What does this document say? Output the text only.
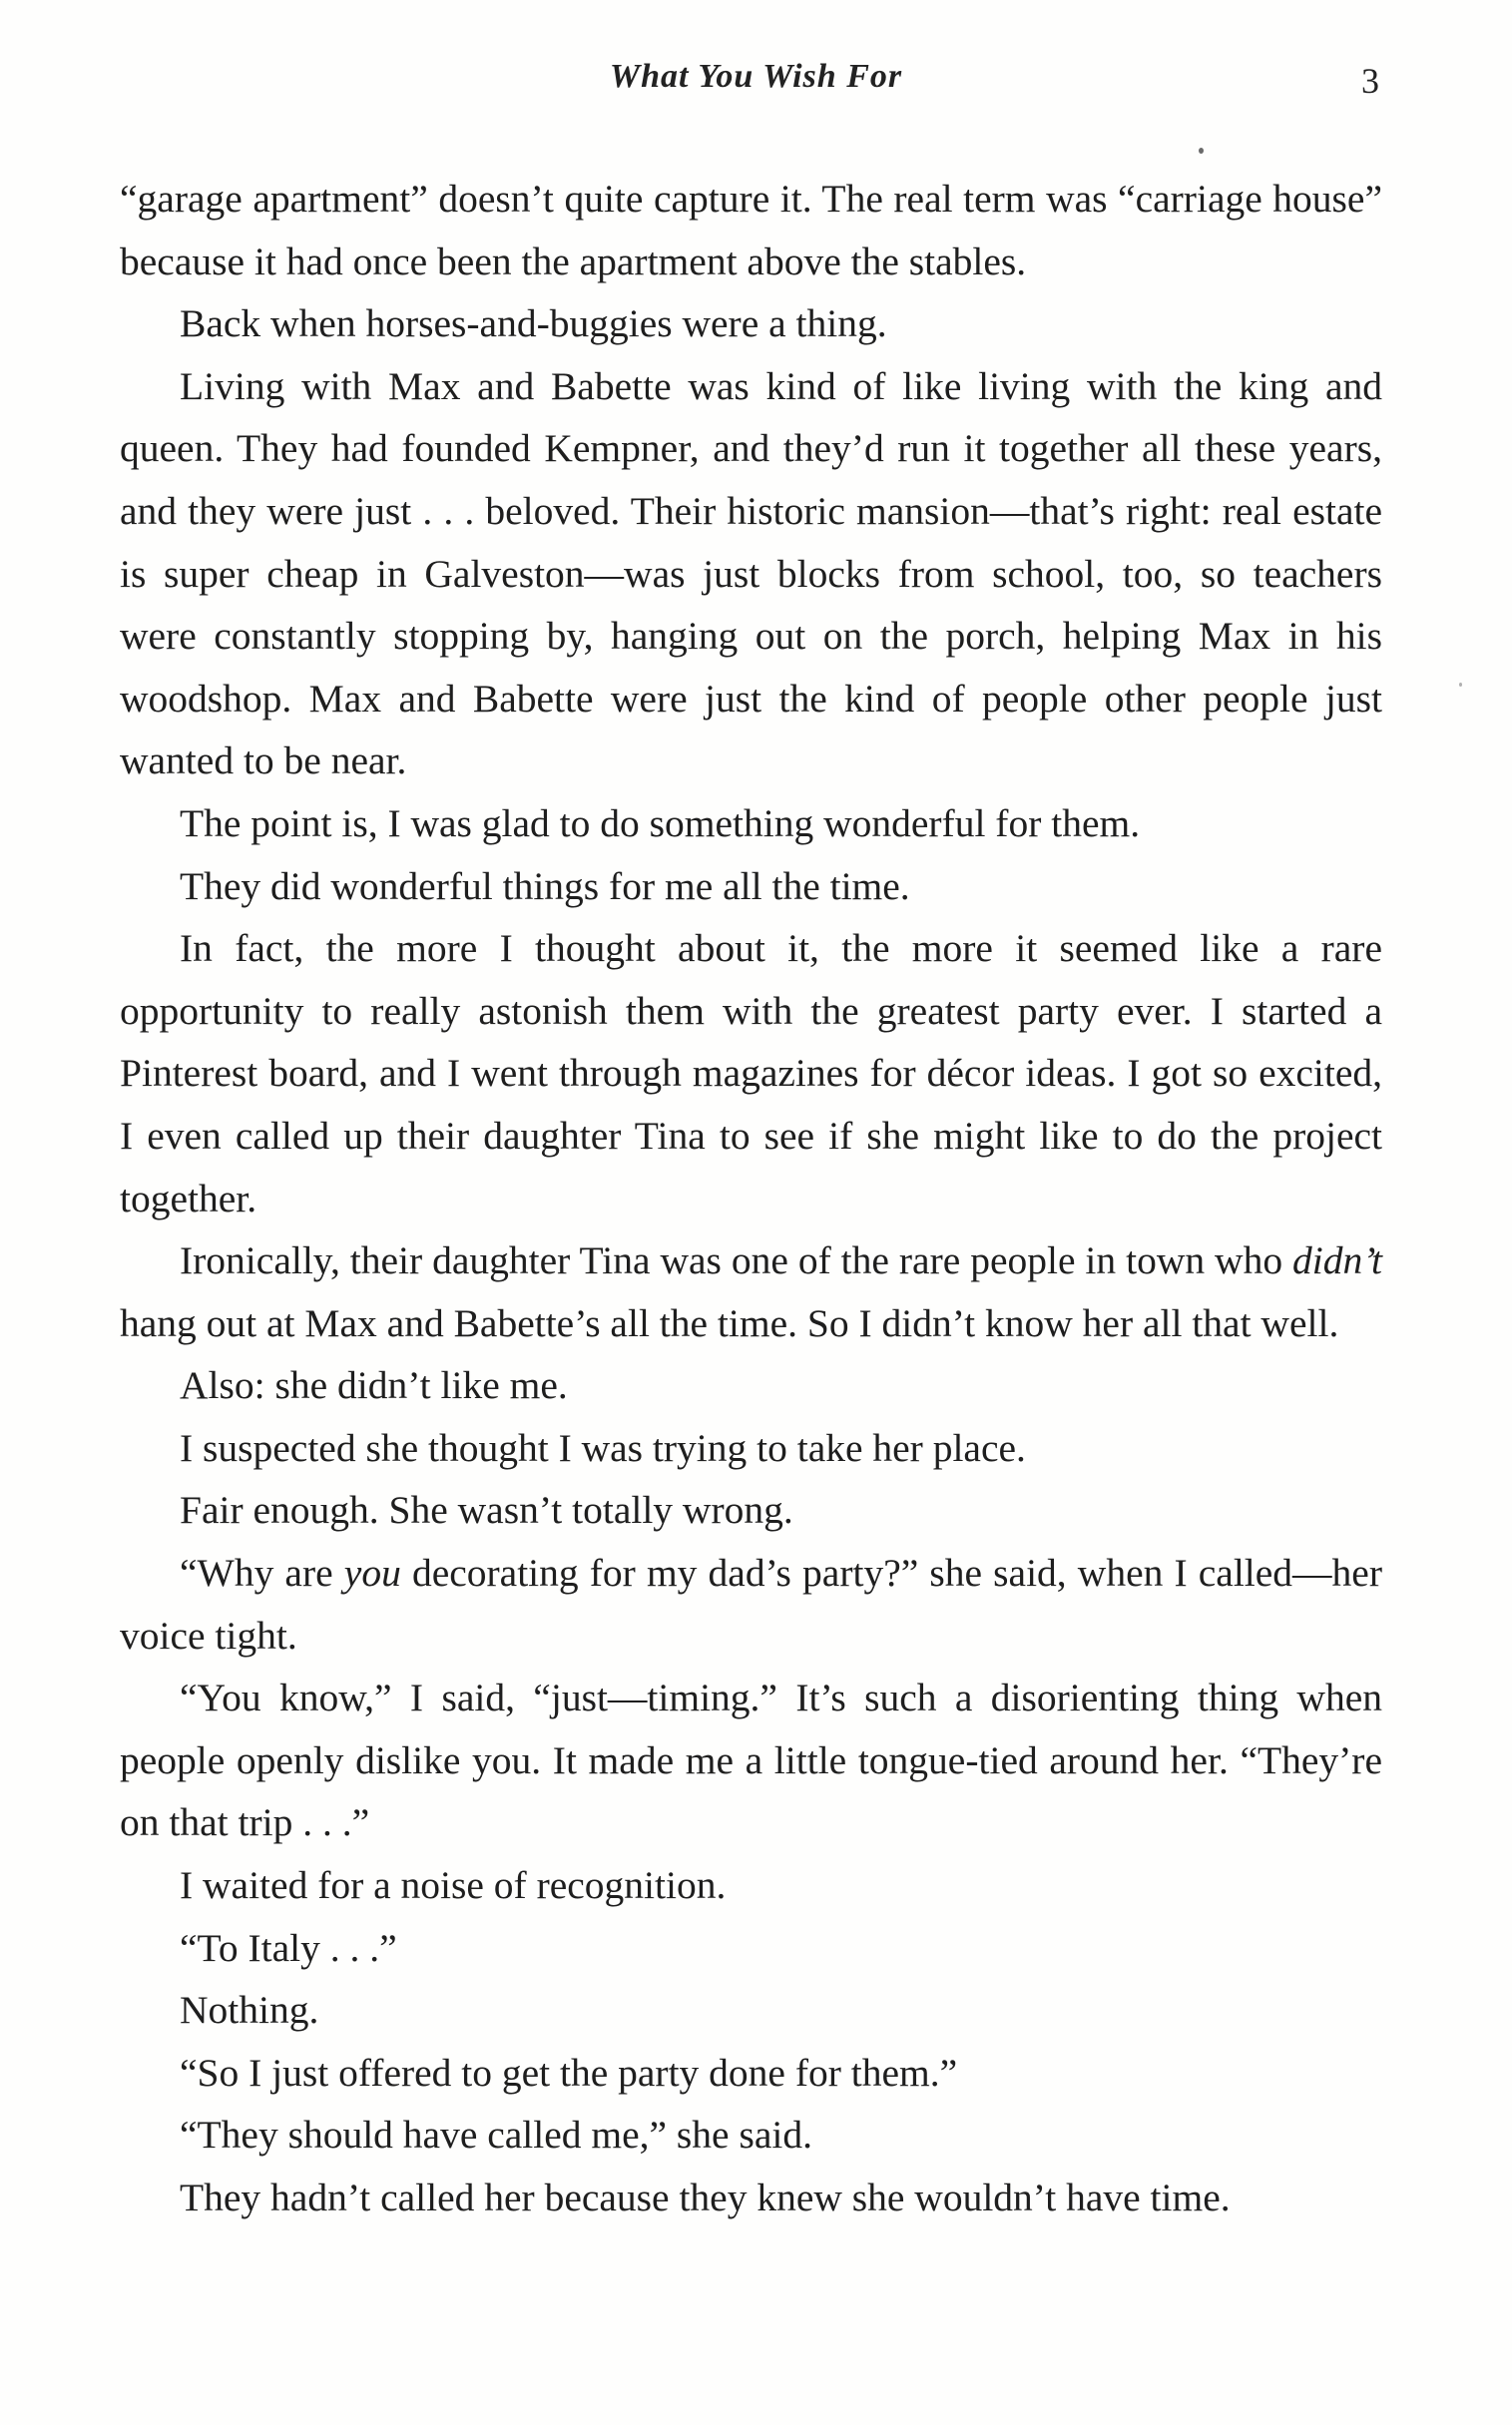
What You Wish For	3

“garage apartment” doesn’t quite capture it. The real term was “carriage house” because it had once been the apartment above the stables.

Back when horses-and-buggies were a thing.

Living with Max and Babette was kind of like living with the king and queen. They had founded Kempner, and they’d run it together all these years, and they were just . . . beloved. Their historic mansion—that’s right: real estate is super cheap in Galveston—was just blocks from school, too, so teachers were constantly stopping by, hanging out on the porch, helping Max in his woodshop. Max and Babette were just the kind of people other people just wanted to be near.

The point is, I was glad to do something wonderful for them.

They did wonderful things for me all the time.

In fact, the more I thought about it, the more it seemed like a rare opportunity to really astonish them with the greatest party ever. I started a Pinterest board, and I went through magazines for décor ideas. I got so excited, I even called up their daughter Tina to see if she might like to do the project together.

Ironically, their daughter Tina was one of the rare people in town who didn’t hang out at Max and Babette’s all the time. So I didn’t know her all that well.

Also: she didn’t like me.

I suspected she thought I was trying to take her place.

Fair enough. She wasn’t totally wrong.

“Why are you decorating for my dad’s party?” she said, when I called—her voice tight.

“You know,” I said, “just—timing.” It’s such a disorienting thing when people openly dislike you. It made me a little tongue-tied around her. “They’re on that trip . . .”

I waited for a noise of recognition.

“To Italy . . .”

Nothing.

“So I just offered to get the party done for them.”

“They should have called me,” she said.

They hadn’t called her because they knew she wouldn’t have time.
